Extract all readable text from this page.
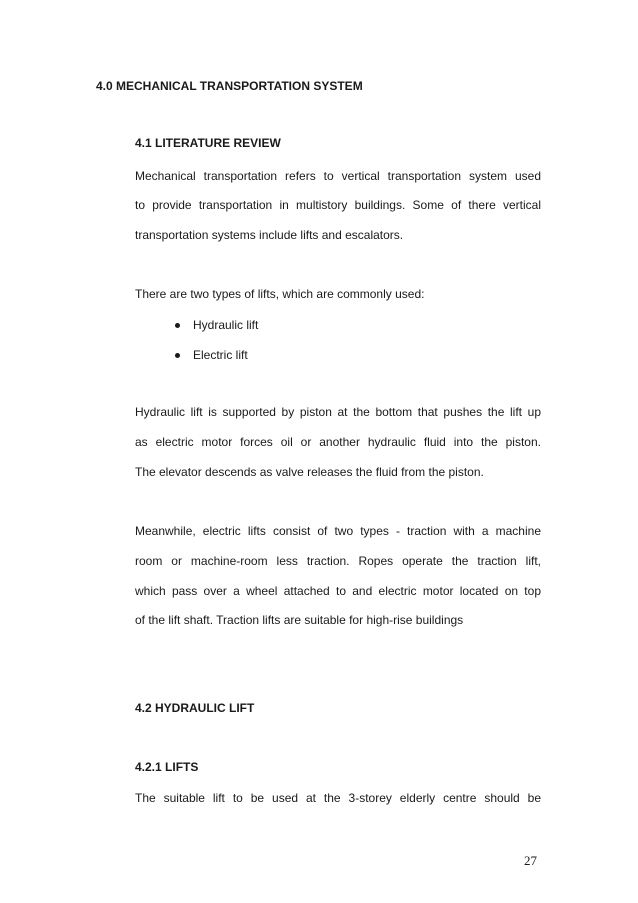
4.0 MECHANICAL TRANSPORTATION SYSTEM
4.1 LITERATURE REVIEW
Mechanical transportation refers to vertical transportation system used
to provide transportation in multistory buildings. Some of there vertical
transportation systems include lifts and escalators.
There are two types of lifts, which are commonly used:
Hydraulic lift
Electric lift
Hydraulic lift is supported by piston at the bottom that pushes the lift up
as electric motor forces oil or another hydraulic fluid into the piston.
The elevator descends as valve releases the fluid from the piston.
Meanwhile, electric lifts consist of two types - traction with a machine
room or machine-room less traction. Ropes operate the traction lift,
which pass over a wheel attached to and electric motor located on top
of the lift shaft. Traction lifts are suitable for high-rise buildings
4.2 HYDRAULIC LIFT
4.2.1 LIFTS
The suitable lift to be used at the 3-storey elderly centre should be
27
